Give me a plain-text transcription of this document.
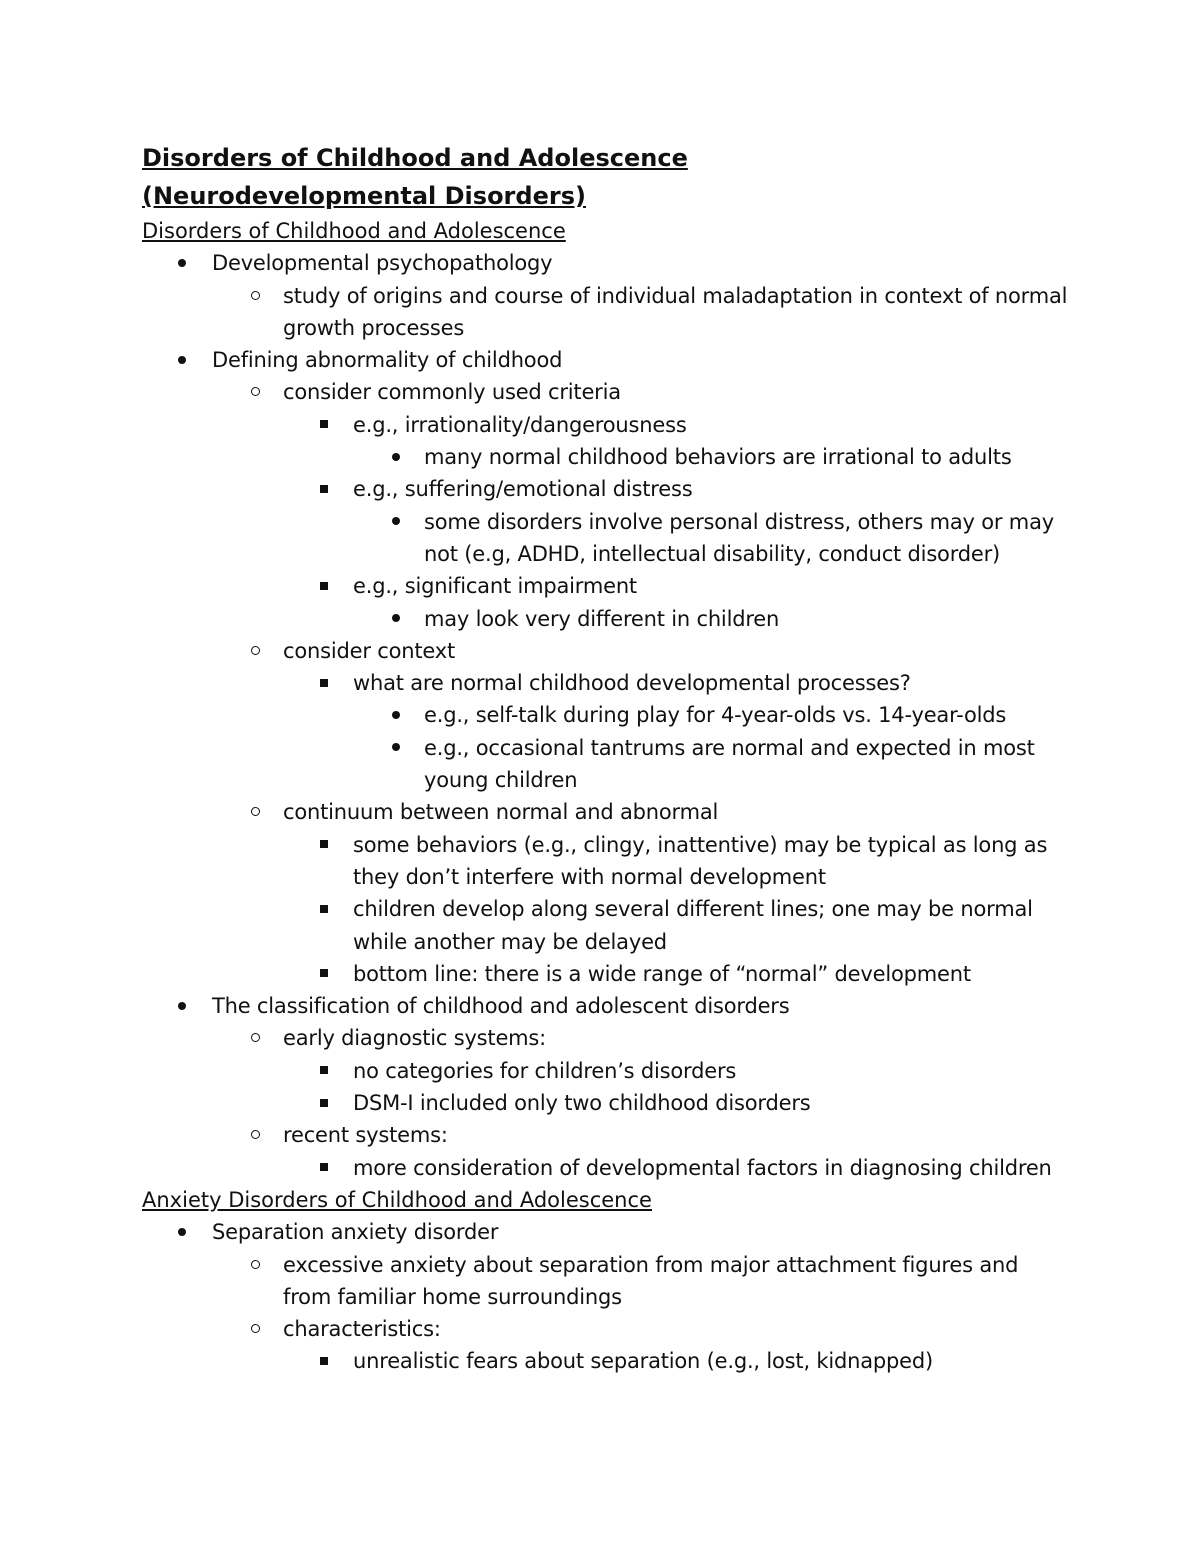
Disorders of Childhood and Adolescence (Neurodevelopmental Disorders)
Disorders of Childhood and Adolescence
Developmental psychopathology
study of origins and course of individual maladaptation in context of normal growth processes
Defining abnormality of childhood
consider commonly used criteria
e.g., irrationality/dangerousness
many normal childhood behaviors are irrational to adults
e.g., suffering/emotional distress
some disorders involve personal distress, others may or may not (e.g, ADHD, intellectual disability, conduct disorder)
e.g., significant impairment
may look very different in children
consider context
what are normal childhood developmental processes?
e.g., self-talk during play for 4-year-olds vs. 14-year-olds
e.g., occasional tantrums are normal and expected in most young children
continuum between normal and abnormal
some behaviors (e.g., clingy, inattentive) may be typical as long as they don’t interfere with normal development
children develop along several different lines; one may be normal while another may be delayed
bottom line: there is a wide range of “normal” development
The classification of childhood and adolescent disorders
early diagnostic systems:
no categories for children’s disorders
DSM-I included only two childhood disorders
recent systems:
more consideration of developmental factors in diagnosing children
Anxiety Disorders of Childhood and Adolescence
Separation anxiety disorder
excessive anxiety about separation from major attachment figures and from familiar home surroundings
characteristics:
unrealistic fears about separation (e.g., lost, kidnapped)
